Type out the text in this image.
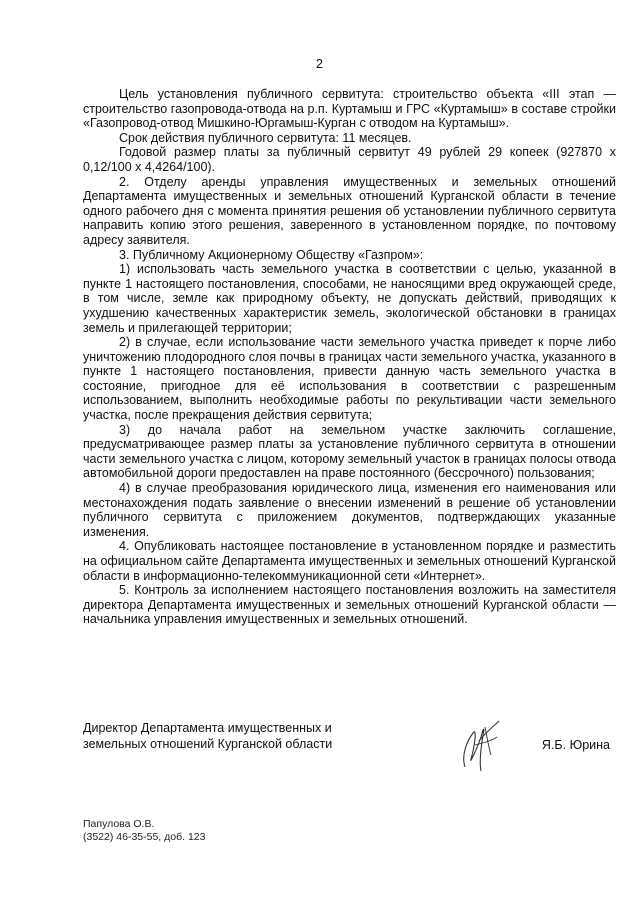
2

Цель установления публичного сервитута: строительство объекта «III этап — строительство газопровода-отвода на р.п. Куртамыш и ГРС «Куртамыш» в составе стройки «Газопровод-отвод Мишкино-Юргамыш-Курган с отводом на Куртамыш».

Срок действия публичного сервитута: 11 месяцев.

Годовой размер платы за публичный сервитут 49 рублей 29 копеек (927870 х 0,12/100 х 4,4264/100).

2. Отделу аренды управления имущественных и земельных отношений Департамента имущественных и земельных отношений Курганской области в течение одного рабочего дня с момента принятия решения об установлении публичного сервитута направить копию этого решения, заверенного в установленном порядке, по почтовому адресу заявителя.

3. Публичному Акционерному Обществу «Газпром»:

1) использовать часть земельного участка в соответствии с целью, указанной в пункте 1 настоящего постановления, способами, не наносящими вред окружающей среде, в том числе, земле как природному объекту, не допускать действий, приводящих к ухудшению качественных характеристик земель, экологической обстановки в границах земель и прилегающей территории;

2) в случае, если использование части земельного участка приведет к порче либо уничтожению плодородного слоя почвы в границах части земельного участка, указанного в пункте 1 настоящего постановления, привести данную часть земельного участка в состояние, пригодное для её использования в соответствии с разрешенным использованием, выполнить необходимые работы по рекультивации части земельного участка, после прекращения действия сервитута;

3) до начала работ на земельном участке заключить соглашение, предусматривающее размер платы за установление публичного сервитута в отношении части земельного участка с лицом, которому земельный участок в границах полосы отвода автомобильной дороги предоставлен на праве постоянного (бессрочного) пользования;

4) в случае преобразования юридического лица, изменения его наименования или местонахождения подать заявление о внесении изменений в решение об установлении публичного сервитута с приложением документов, подтверждающих указанные изменения.

4. Опубликовать настоящее постановление в установленном порядке и разместить на официальном сайте Департамента имущественных и земельных отношений Курганской области в информационно-телекоммуникационной сети «Интернет».

5. Контроль за исполнением настоящего постановления возложить на заместителя директора Департамента имущественных и земельных отношений Курганской области — начальника управления имущественных и земельных отношений.

Директор Департамента имущественных и
земельных отношений Курганской области	Я.Б. Юрина
Папулова О.В.
(3522) 46-35-55, доб. 123
